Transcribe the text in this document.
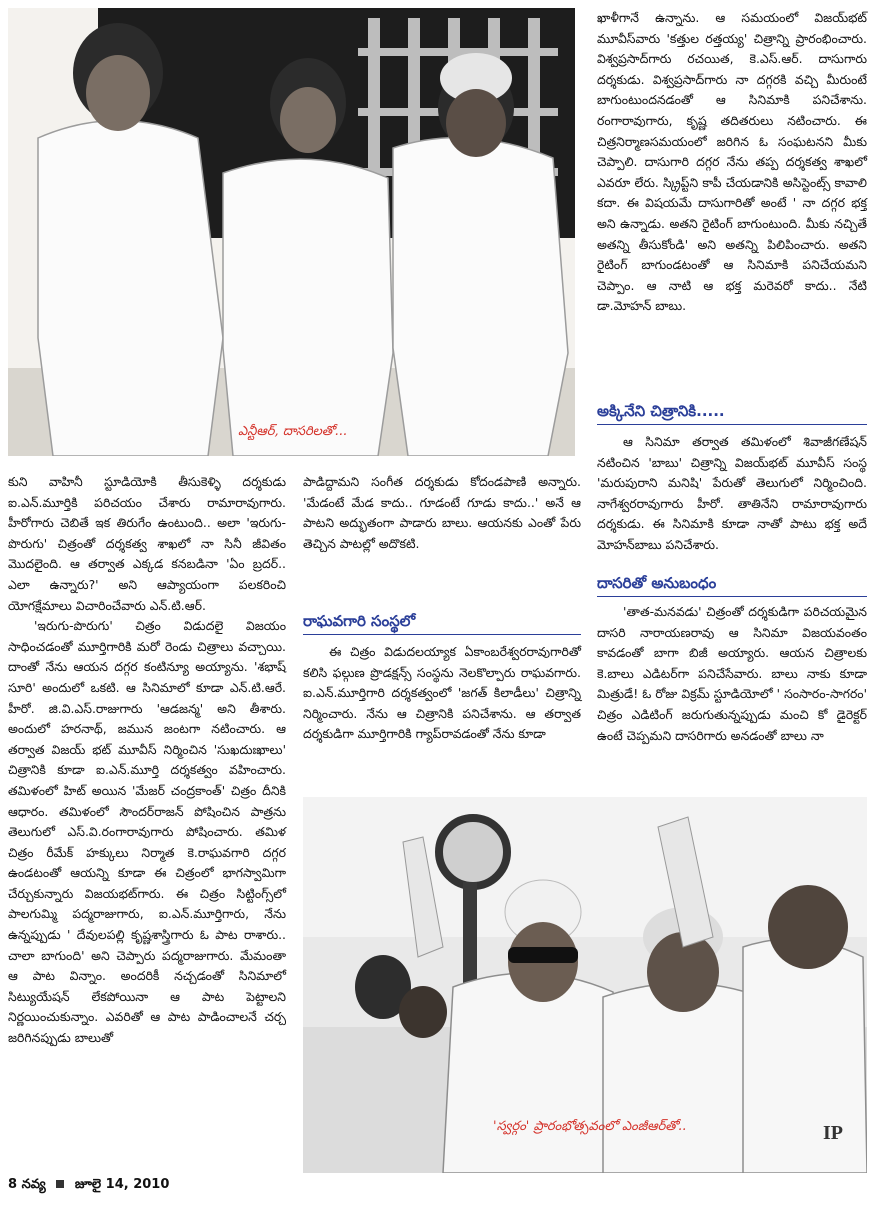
ఎన్టీఆర్, దాసరిలతో...

ఖాళీగానే ఉన్నాను. ఆ సమయంలో విజయ్‌భట్ మూవీస్‌వారు 'కత్తుల రత్తయ్య' చిత్రాన్ని ప్రారంభించారు. విశ్వప్రసాద్‌గారు రచయిత, కె.ఎస్.ఆర్. దాసుగారు దర్శకుడు. విశ్వప్రసాద్‌గారు నా దగ్గరకి వచ్చి మీరుంటే బాగుంటుందనడంతో ఆ సినిమాకి పనిచేశాను. రంగారావుగారు, కృష్ణ తదితరులు నటించారు. ఈ చిత్రనిర్మాణసమయంలో జరిగిన ఓ సంఘటనని మీకు చెప్పాలి. దాసుగారి దగ్గర నేను తప్ప దర్శకత్వ శాఖలో ఎవరూ లేరు. స్క్రిప్ట్‌ని కాపీ చేయడానికి అసిస్టెంట్స్ కావాలి కదా. ఈ విషయమే దాసుగారితో అంటే ' నా దగ్గర భక్త అని ఉన్నాడు. అతని రైటింగ్ బాగుంటుంది. మీకు నచ్చితే అతన్ని తీసుకోండి' అని అతన్ని పిలిపించారు. అతని రైటింగ్ బాగుండటంతో ఆ సినిమాకి పనిచేయమని చెప్పాం. ఆ నాటి ఆ భక్త మరెవరో కాదు.. నేటి డా.మోహన్ బాబు.

అక్కినేని చిత్రానికి.....

ఆ సినిమా తర్వాత తమిళంలో శివాజీగణేషన్ నటించిన 'బాబు' చిత్రాన్ని విజయ్‌భట్ మూవీస్ సంస్థ 'మరుపురాని మనిషి' పేరుతో తెలుగులో నిర్మించింది. నాగేశ్వరరావుగారు హీరో. తాతినేని రామారావుగారు దర్శకుడు. ఈ సినిమాకి కూడా నాతో పాటు భక్త అదే మోహన్‌బాబు పనిచేశారు.

దాసరితో అనుబంధం

'తాత-మనవడు' చిత్రంతో దర్శకుడిగా పరిచయమైన దాసరి నారాయణరావు ఆ సినిమా విజయవంతం కావడంతో బాగా బిజీ అయ్యారు. ఆయన చిత్రాలకు కె.బాలు ఎడిటర్‌గా పనిచేసేవారు. బాలు నాకు కూడా మిత్రుడే! ఓ రోజు విక్రమ్ స్టూడియోలో ' సంసారం-సాగరం' చిత్రం ఎడిటింగ్ జరుగుతున్నప్పుడు మంచి కో డైరెక్టర్ ఉంటే చెప్పమని దాసరిగారు అనడంతో బాలు నా

కుని వాహినీ స్టూడియోకి తీసుకెళ్ళి దర్శకుడు ఐ.ఎన్.మూర్తికి పరిచయం చేశారు రామారావుగారు. హీరోగారు చెబితే ఇక తిరుగేం ఉంటుంది.. అలా 'ఇరుగు-పొరుగు' చిత్రంతో దర్శకత్వ శాఖలో నా సినీ జీవితం మొదలైంది. ఆ తర్వాత ఎక్కడ కనబడినా 'ఏం బ్రదర్.. ఎలా ఉన్నారు?' అని ఆప్యాయంగా పలకరించి యోగక్షేమాలు విచారించేవారు ఎన్.టి.ఆర్.

'ఇరుగు-పొరుగు' చిత్రం విడుదలై విజయం సాధించడంతో మూర్తిగారికి మరో రెండు చిత్రాలు వచ్చాయి. దాంతో నేను ఆయన దగ్గర కంటిన్యూ అయ్యాను. 'శభాష్ సూరి' అందులో ఒకటి. ఆ సినిమాలో కూడా ఎన్.టి.ఆరే. హీరో. జి.వి.ఎస్.రాజుగారు 'ఆడజన్మ' అని తీశారు. అందులో హరనాథ్, జమున జంటగా నటించారు. ఆ తర్వాత విజయ్ భట్ మూవీస్ నిర్మించిన 'సుఖదుఃఖాలు' చిత్రానికి కూడా ఐ.ఎన్.మూర్తి దర్శకత్వం వహించారు. తమిళంలో హిట్ అయిన 'మేజర్ చంద్రకాంత్' చిత్రం దీనికి ఆధారం. తమిళంలో సౌందర్‌రాజన్ పోషించిన పాత్రను తెలుగులో ఎస్.వి.రంగారావుగారు పోషించారు. తమిళ చిత్రం రీమేక్ హక్కులు నిర్మాత కె.రాఘవగారి దగ్గర ఉండటంతో ఆయన్ని కూడా ఈ చిత్రంలో భాగస్వామిగా చేర్చుకున్నారు విజయభట్‌గారు. ఈ చిత్రం సిట్టింగ్స్‌లో పాలగుమ్మి పద్మరాజుగారు, ఐ.ఎన్.మూర్తిగారు, నేను ఉన్నప్పుడు ' దేవులపల్లి కృష్ణశాస్త్రిగారు ఓ పాట రాశారు.. చాలా బాగుంది' అని చెప్పారు పద్మరాజుగారు. మేమంతా ఆ పాట విన్నాం. అందరికీ నచ్చడంతో సినిమాలో సిట్యుయేషన్ లేకపోయినా ఆ పాట పెట్టాలని నిర్ణయించుకున్నాం. ఎవరితో ఆ పాట పాడించాలనే చర్చ జరిగినప్పుడు బాలుతో

పాడిద్దామని సంగీత దర్శకుడు కోదండపాణి అన్నారు. 'మేడంటే మేడ కాదు.. గూడంటే గూడు కాదు..' అనే ఆ పాటని అద్భుతంగా పాడారు బాలు. ఆయనకు ఎంతో పేరు తెచ్చిన పాటల్లో అదొకటి.

రాఘవగారి సంస్థలో

ఈ చిత్రం విడుదలయ్యాక ఏకాంబరేశ్వరరావుగారితో కలిసి ఫల్గుణ ప్రొడక్షన్స్ సంస్థను నెలకొల్పారు రాఘవగారు. ఐ.ఎన్.మూర్తిగారి దర్శకత్వంలో 'జగత్ కిలాడీలు' చిత్రాన్ని నిర్మించారు. నేను ఆ చిత్రానికి పనిచేశాను. ఆ తర్వాత దర్శకుడిగా మూర్తిగారికి గ్యాప్‌రావడంతో నేను కూడా

'స్వర్గం' ప్రారంభోత్సవంలో ఎంజీఆర్‌తో..	IP
8 నవ్య జూలై 14, 2010
